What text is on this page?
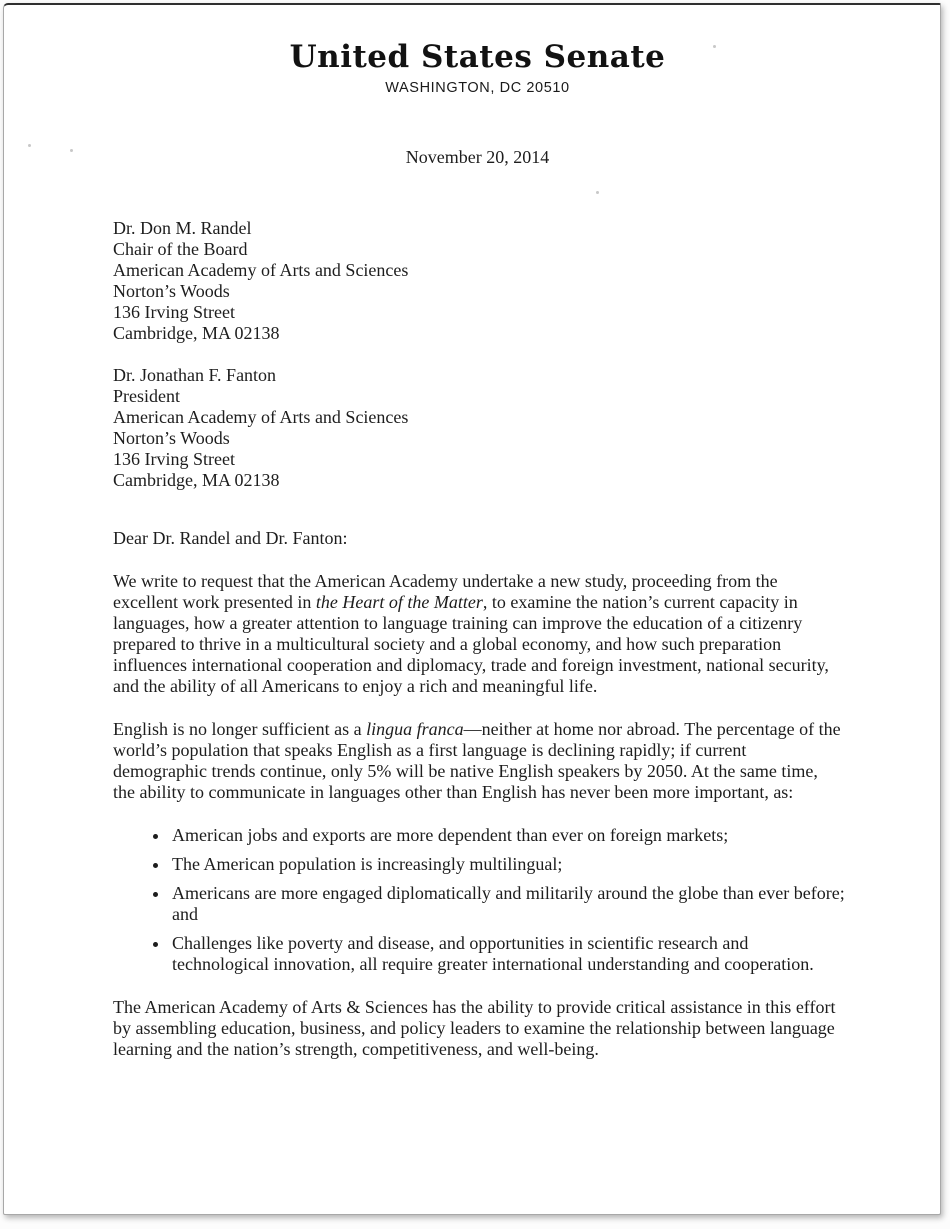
United States Senate
WASHINGTON, DC 20510
November 20, 2014
Dr. Don M. Randel
Chair of the Board
American Academy of Arts and Sciences
Norton’s Woods
136 Irving Street
Cambridge, MA 02138
Dr. Jonathan F. Fanton
President
American Academy of Arts and Sciences
Norton’s Woods
136 Irving Street
Cambridge, MA 02138
Dear Dr. Randel and Dr. Fanton:

We write to request that the American Academy undertake a new study, proceeding from the excellent work presented in the Heart of the Matter, to examine the nation’s current capacity in languages, how a greater attention to language training can improve the education of a citizenry prepared to thrive in a multicultural society and a global economy, and how such preparation influences international cooperation and diplomacy, trade and foreign investment, national security, and the ability of all Americans to enjoy a rich and meaningful life.

English is no longer sufficient as a lingua franca—neither at home nor abroad. The percentage of the world’s population that speaks English as a first language is declining rapidly; if current demographic trends continue, only 5% will be native English speakers by 2050. At the same time, the ability to communicate in languages other than English has never been more important, as:

• American jobs and exports are more dependent than ever on foreign markets;
• The American population is increasingly multilingual;
• Americans are more engaged diplomatically and militarily around the globe than ever before; and
• Challenges like poverty and disease, and opportunities in scientific research and technological innovation, all require greater international understanding and cooperation.

The American Academy of Arts & Sciences has the ability to provide critical assistance in this effort by assembling education, business, and policy leaders to examine the relationship between language learning and the nation’s strength, competitiveness, and well-being.
